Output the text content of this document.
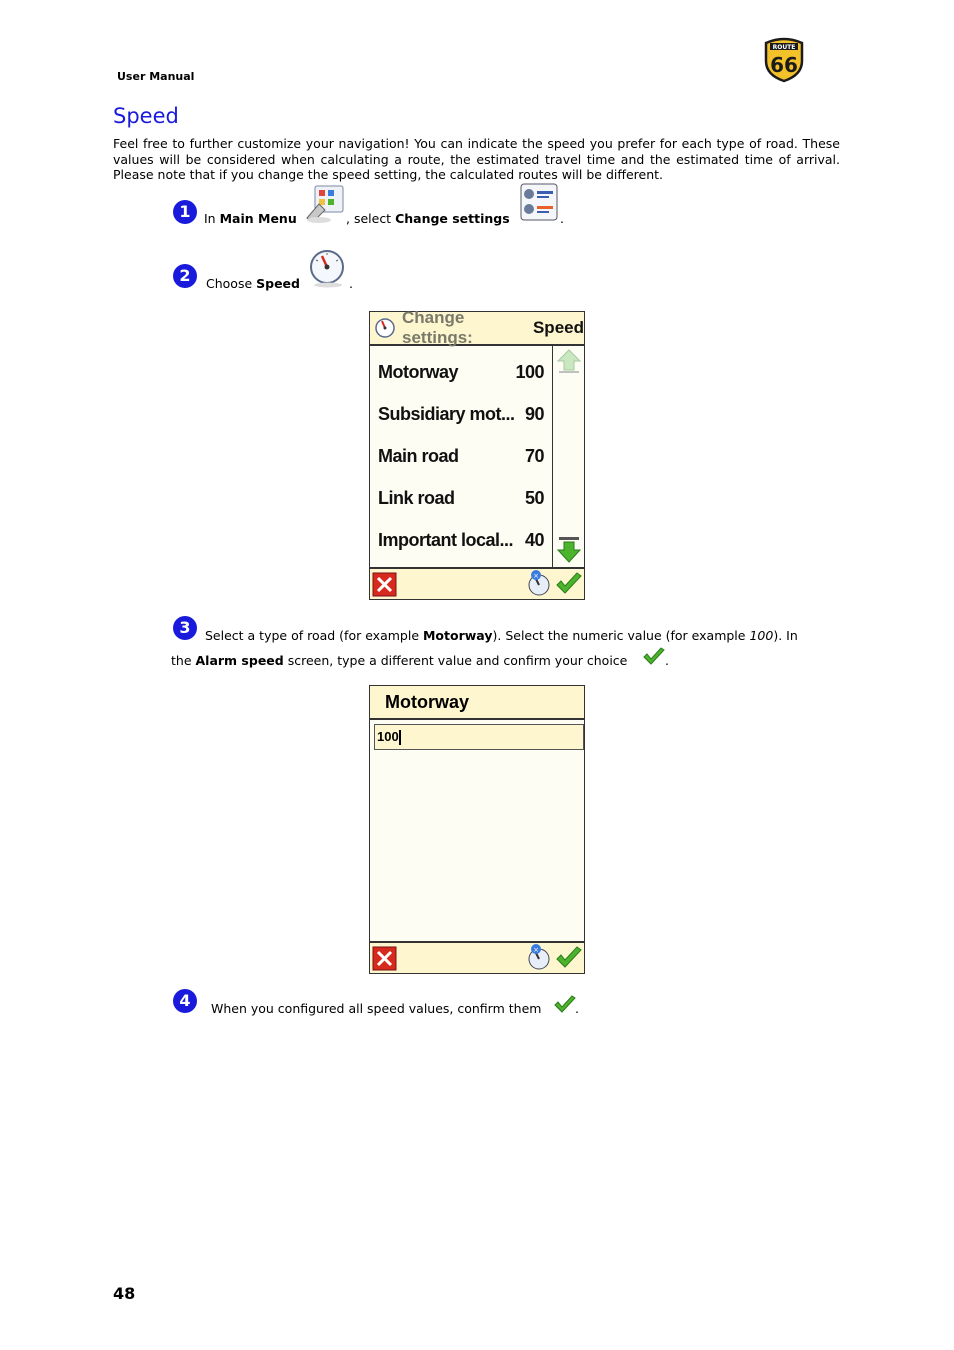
User Manual
ROUTE
66
Speed
Feel free to further customize your navigation! You can indicate the speed you prefer for each type of road. These values will be considered when calculating a route, the estimated travel time and the estimated time of arrival. Please note that if you change the speed setting, the calculated routes will be different.
1	In Main Menu	, select Change settings	.
2	Choose Speed	.
Change settings:
Speed
Motorway	100
Subsidiary mot... 90
Main road	70
Link road	50
Important local... 40
×
3	Select a type of road (for example Motorway). Select the numeric value (for example 100). In
the Alarm speed screen, type a different value and confirm your choice	.
Motorway
100
×
4	When you configured all speed values, confirm them	.
48
